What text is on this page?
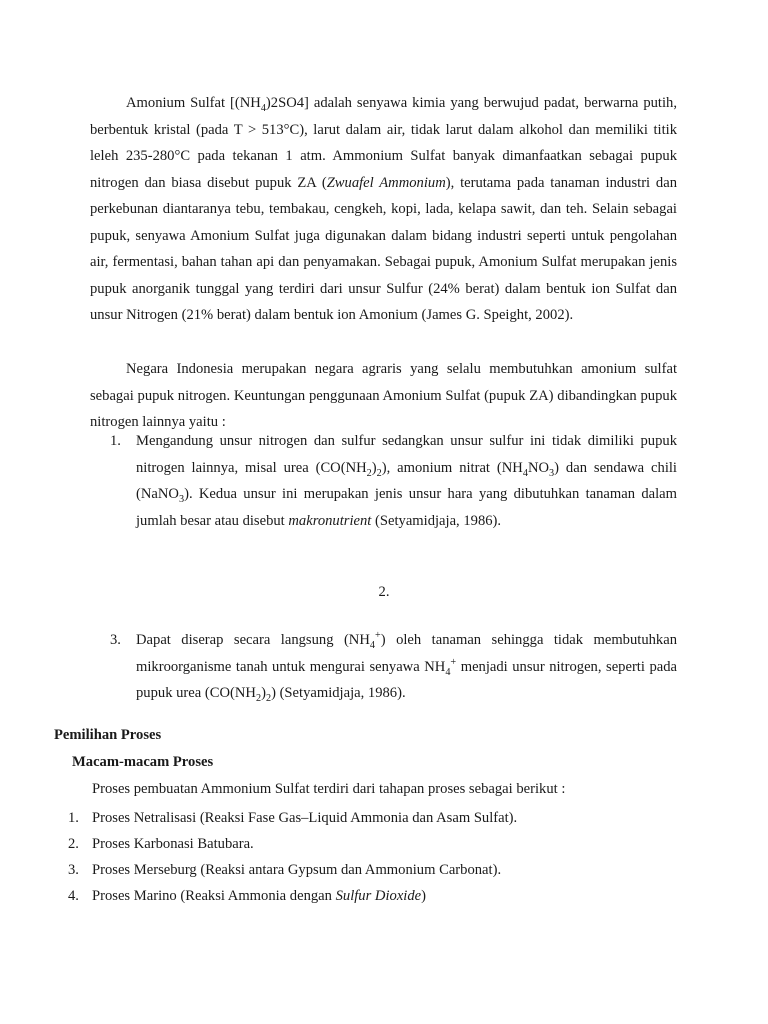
Amonium Sulfat $[(NH_4)2SO4]$ adalah senyawa kimia yang berwujud padat, berwarna putih, berbentuk kristal (pada T > 513°C), larut dalam air, tidak larut dalam alkohol dan memiliki titik leleh 235-280°C pada tekanan 1 atm. Ammonium Sulfat banyak dimanfaatkan sebagai pupuk nitrogen dan biasa disebut pupuk ZA (Zwuafel Ammonium), terutama pada tanaman industri dan perkebunan diantaranya tebu, tembakau, cengkeh, kopi, lada, kelapa sawit, dan teh. Selain sebagai pupuk, senyawa Amonium Sulfat juga digunakan dalam bidang industri seperti untuk pengolahan air, fermentasi, bahan tahan api dan penyamakan. Sebagai pupuk, Amonium Sulfat merupakan jenis pupuk anorganik tunggal yang terdiri dari unsur Sulfur (24% berat) dalam bentuk ion Sulfat dan unsur Nitrogen (21% berat) dalam bentuk ion Amonium (James G. Speight, 2002).

Negara Indonesia merupakan negara agraris yang selalu membutuhkan amonium sulfat sebagai pupuk nitrogen. Keuntungan penggunaan Amonium Sulfat (pupuk ZA) dibandingkan pupuk nitrogen lainnya yaitu :

1. Mengandung unsur nitrogen dan sulfur sedangkan unsur sulfur ini tidak dimiliki pupuk nitrogen lainnya, misal urea $(CO(NH_2)_2)$, amonium nitrat $(NH_4NO_3)$ dan sendawa chili (NaNO$_3$). Kedua unsur ini merupakan jenis unsur hara yang dibutuhkan tanaman dalam jumlah besar atau disebut makronutrient (Setyamidjaja, 1986).
2.
3. Dapat diserap secara langsung $(NH_4^+)$ oleh tanaman sehingga tidak membutuhkan mikroorganisme tanah untuk mengurai senyawa $NH_4^+$ menjadi unsur nitrogen, seperti pada pupuk urea $(CO(NH_2)_2)$ (Setyamidjaja, 1986).
Pemilihan Proses
Macam-macam Proses
Proses pembuatan Ammonium Sulfat terdiri dari tahapan proses sebagai berikut :
1. Proses Netralisasi (Reaksi Fase Gas–Liquid Ammonia dan Asam Sulfat).
2. Proses Karbonasi Batubara.
3. Proses Merseburg (Reaksi antara Gypsum dan Ammonium Carbonat).
4. Proses Marino (Reaksi Ammonia dengan Sulfur Dioxide)
